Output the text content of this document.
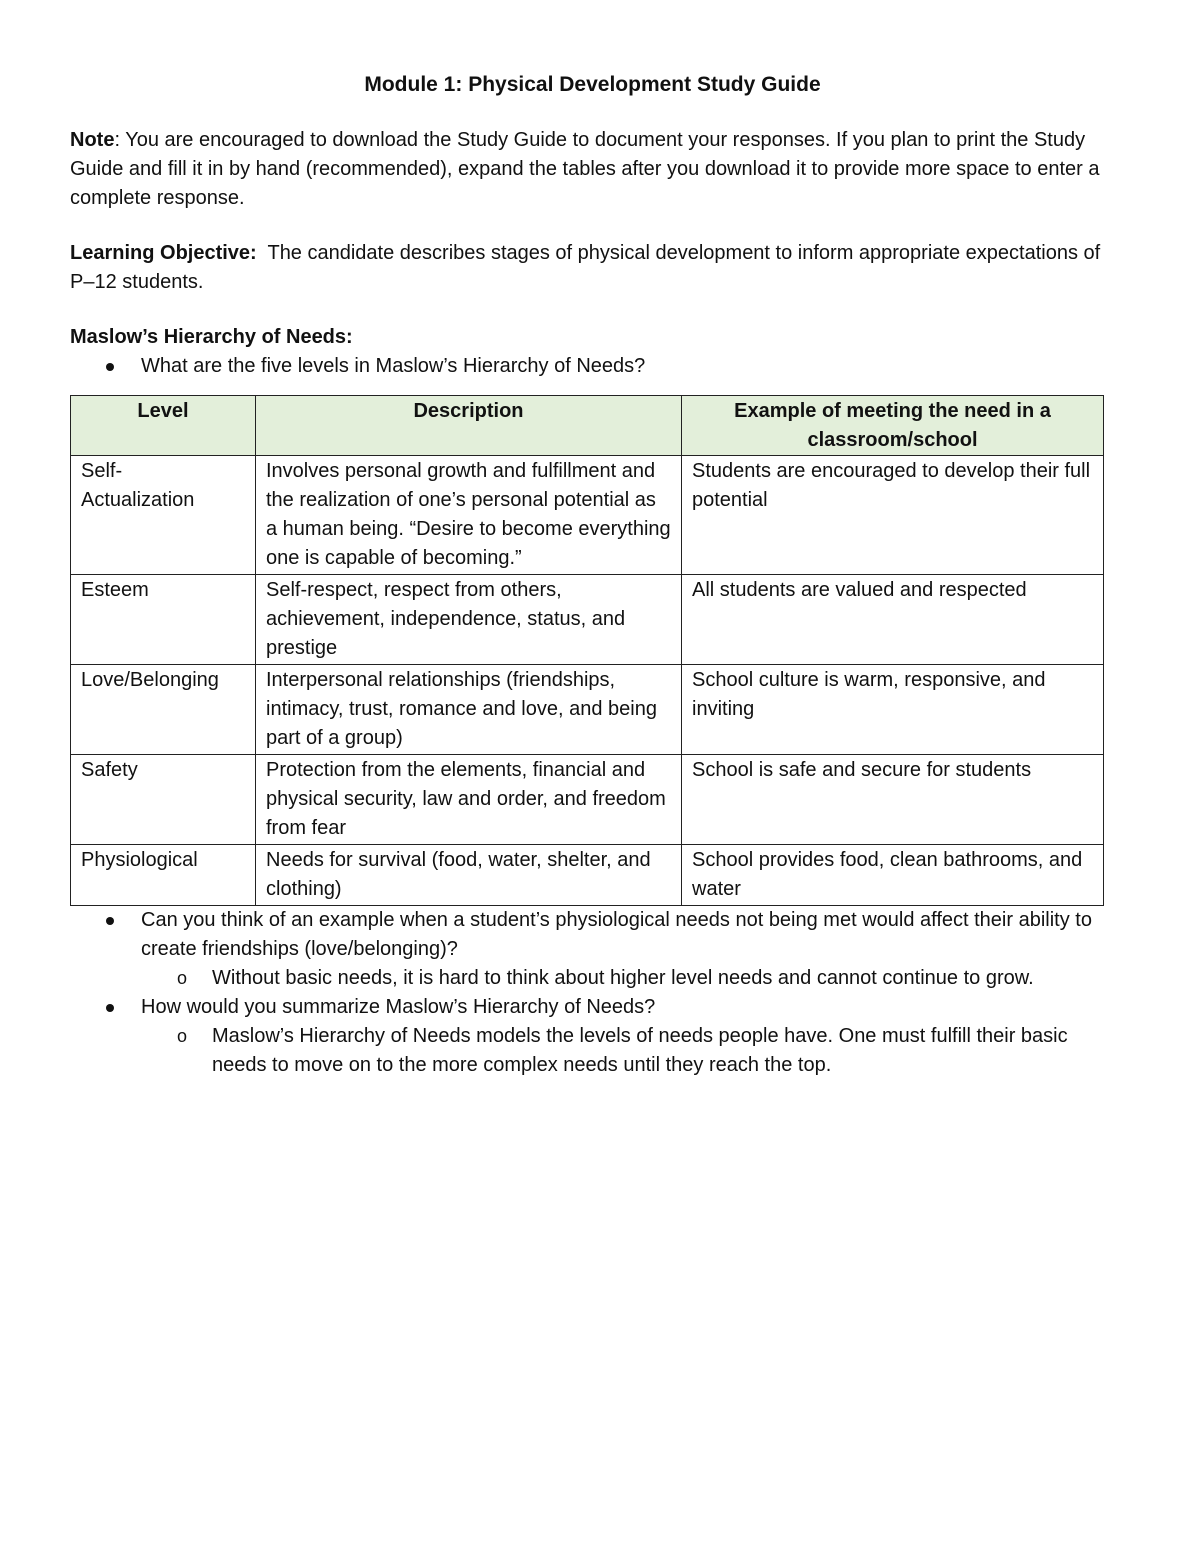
Module 1: Physical Development Study Guide

Note: You are encouraged to download the Study Guide to document your responses. If you plan to print the Study Guide and fill it in by hand (recommended), expand the tables after you download it to provide more space to enter a complete response.

Learning Objective:  The candidate describes stages of physical development to inform appropriate expectations of P–12 students.

Maslow’s Hierarchy of Needs:

What are the five levels in Maslow’s Hierarchy of Needs?
Level	Description	Example of meeting the need in a classroom/school
Self-Actualization	Involves personal growth and fulfillment and the realization of one’s personal potential as a human being. “Desire to become everything one is capable of becoming.”	Students are encouraged to develop their full potential
Esteem	Self-respect, respect from others, achievement, independence, status, and prestige	All students are valued and respected
Love/Belonging	Interpersonal relationships (friendships, intimacy, trust, romance and love, and being part of a group)	School culture is warm, responsive, and inviting
Safety	Protection from the elements, financial and physical security, law and order, and freedom from fear	School is safe and secure for students
Physiological	Needs for survival (food, water, shelter, and clothing)	School provides food, clean bathrooms, and water
Can you think of an example when a student’s physiological needs not being met would affect their ability to create friendships (love/belonging)?
o Without basic needs, it is hard to think about higher level needs and cannot continue to grow.
How would you summarize Maslow’s Hierarchy of Needs?
o Maslow’s Hierarchy of Needs models the levels of needs people have. One must fulfill their basic needs to move on to the more complex needs until they reach the top.
